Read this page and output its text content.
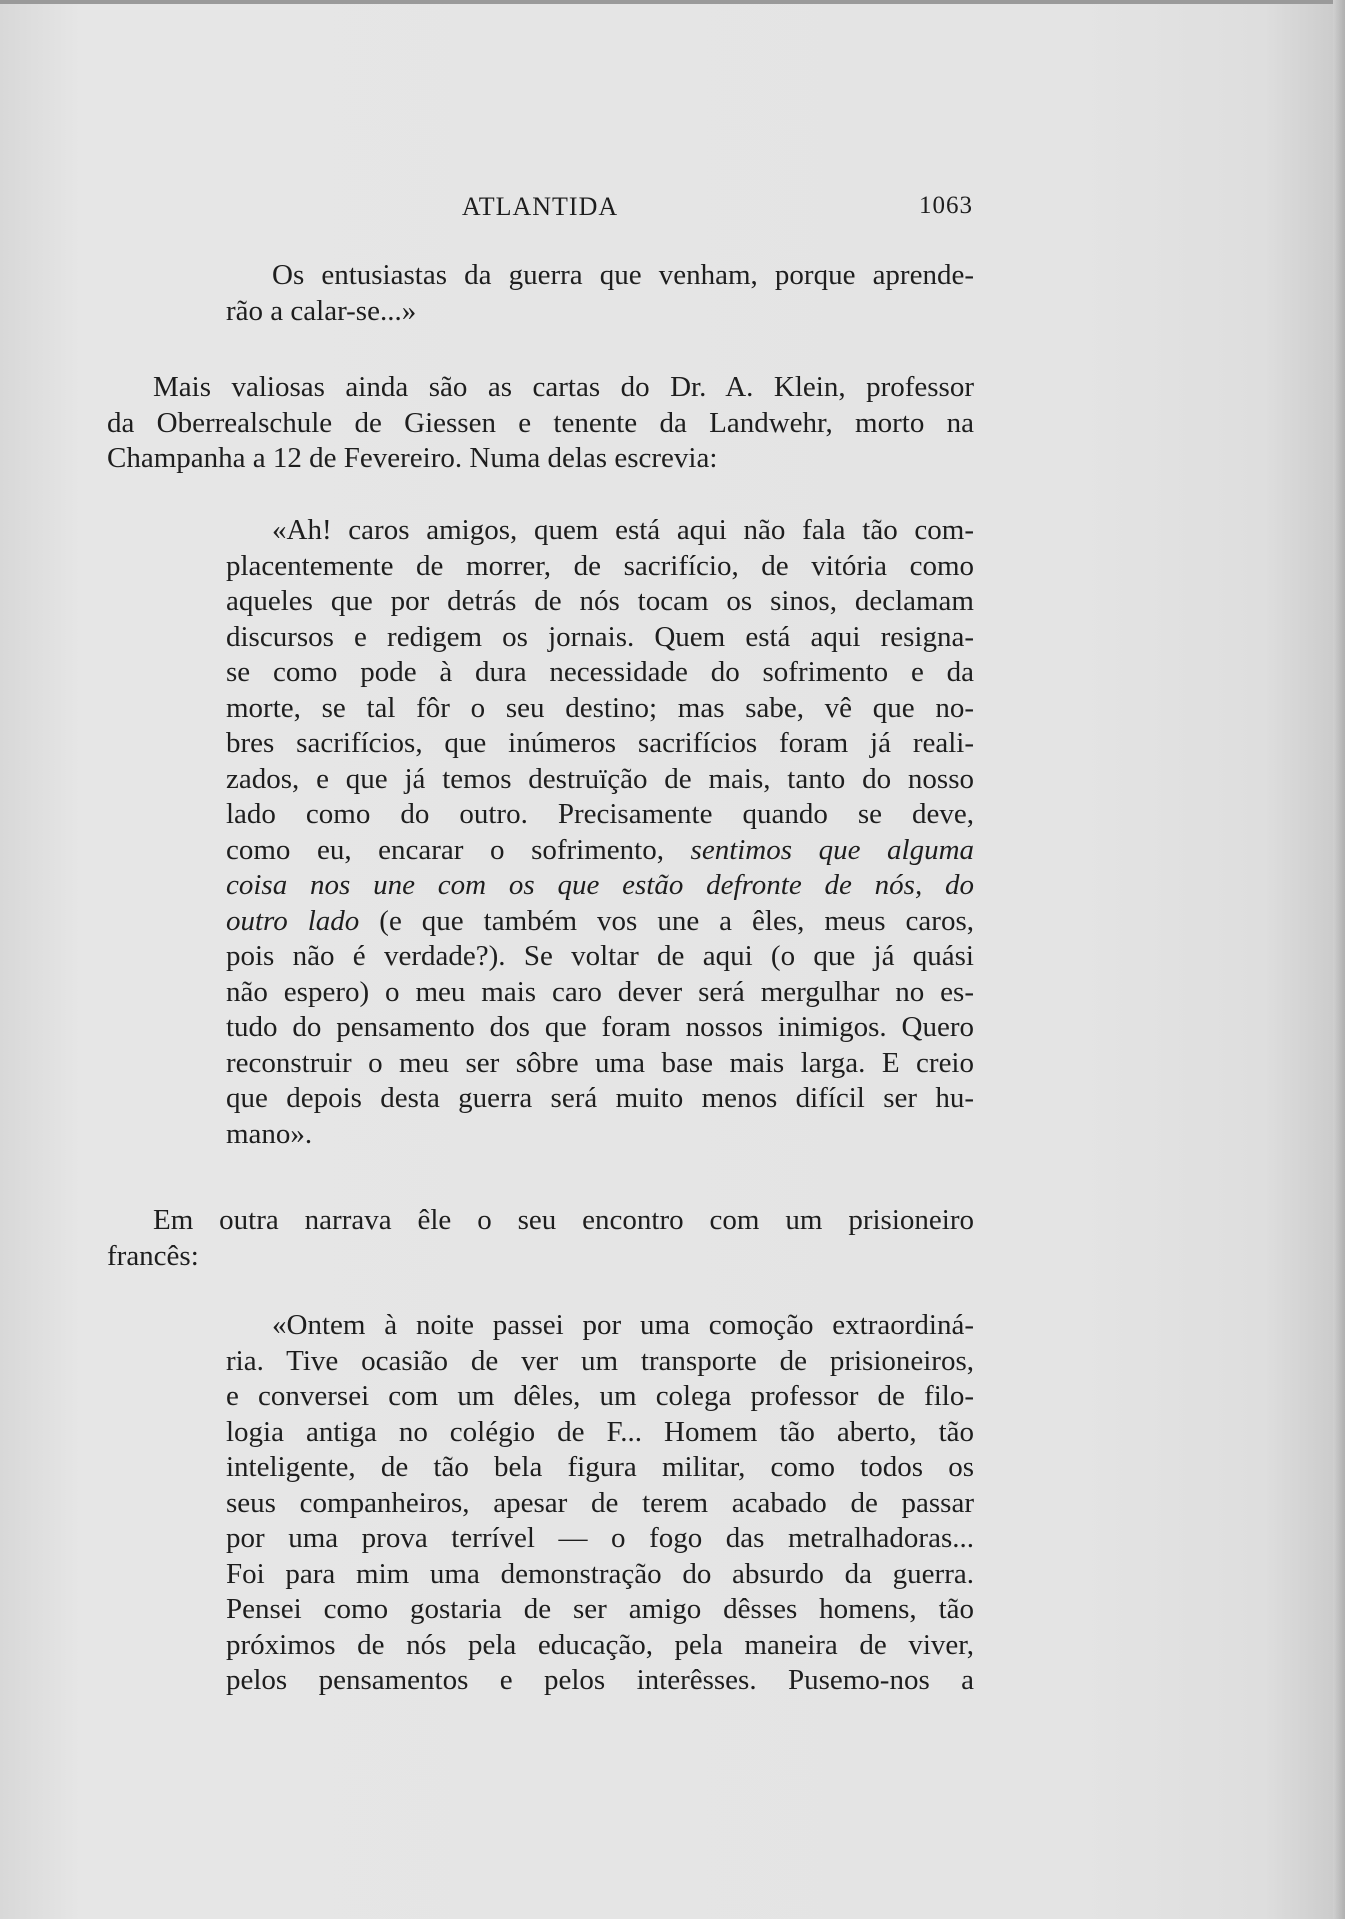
ATLANTIDA	1063
Os entusiastas da guerra que venham, porque aprende-
rão a calar-se...»
Mais valiosas ainda são as cartas do Dr. A. Klein, professor
da Oberrealschule de Giessen e tenente da Landwehr, morto na
Champanha a 12 de Fevereiro. Numa delas escrevia:
«Ah! caros amigos, quem está aqui não fala tão com-
placentemente de morrer, de sacrifício, de vitória como
aqueles que por detrás de nós tocam os sinos, declamam
discursos e redigem os jornais. Quem está aqui resigna-
se como pode à dura necessidade do sofrimento e da
morte, se tal fôr o seu destino; mas sabe, vê que no-
bres sacrifícios, que inúmeros sacrifícios foram já reali-
zados, e que já temos destruïção de mais, tanto do nosso
lado como do outro. Precisamente quando se deve,
como eu, encarar o sofrimento, sentimos que alguma
coisa nos une com os que estão defronte de nós, do
outro lado (e que também vos une a êles, meus caros,
pois não é verdade?). Se voltar de aqui (o que já quási
não espero) o meu mais caro dever será mergulhar no es-
tudo do pensamento dos que foram nossos inimigos. Quero
reconstruir o meu ser sôbre uma base mais larga. E creio
que depois desta guerra será muito menos difícil ser hu-
mano».
Em outra narrava êle o seu encontro com um prisioneiro
francês:
«Ontem à noite passei por uma comoção extraordiná-
ria. Tive ocasião de ver um transporte de prisioneiros,
e conversei com um dêles, um colega professor de filo-
logia antiga no colégio de F... Homem tão aberto, tão
inteligente, de tão bela figura militar, como todos os
seus companheiros, apesar de terem acabado de passar
por uma prova terrível — o fogo das metralhadoras...
Foi para mim uma demonstração do absurdo da guerra.
Pensei como gostaria de ser amigo dêsses homens, tão
próximos de nós pela educação, pela maneira de viver,
pelos pensamentos e pelos interêsses. Pusemo-nos a
